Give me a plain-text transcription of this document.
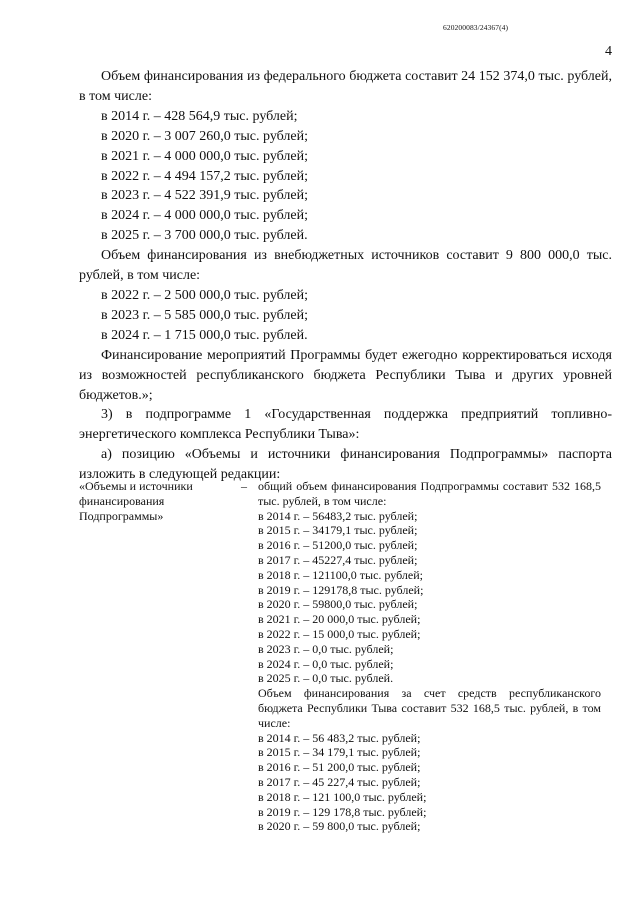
620200083/24367(4)
4

Объем финансирования из федерального бюджета составит 24 152 374,0 тыс. рублей, в том числе:

в 2014 г. – 428 564,9 тыс. рублей;

в 2020 г. – 3 007 260,0 тыс. рублей;

в 2021 г. – 4 000 000,0 тыс. рублей;

в 2022 г. – 4 494 157,2 тыс. рублей;

в 2023 г. – 4 522 391,9 тыс. рублей;

в 2024 г. – 4 000 000,0 тыс. рублей;

в 2025 г. – 3 700 000,0 тыс. рублей.

Объем финансирования из внебюджетных источников составит 9 800 000,0 тыс. рублей, в том числе:

в 2022 г. – 2 500 000,0 тыс. рублей;

в 2023 г. – 5 585 000,0 тыс. рублей;

в 2024 г. – 1 715 000,0 тыс. рублей.

Финансирование мероприятий Программы будет ежегодно корректироваться исходя из возможностей республиканского бюджета Республики Тыва и других уровней бюджетов.»;

3) в подпрограмме 1 «Государственная поддержка предприятий топливно-энергетического комплекса Республики Тыва»:

а) позицию «Объемы и источники финансирования Подпрограммы» паспорта изложить в следующей редакции:

«Объемы и источники финансирования Подпрограммы»
– общий объем финансирования Подпрограммы составит 532 168,5 тыс. рублей, в том числе:

в 2014 г. – 56483,2 тыс. рублей;

в 2015 г. – 34179,1 тыс. рублей;

в 2016 г. – 51200,0 тыс. рублей;

в 2017 г. – 45227,4 тыс. рублей;

в 2018 г. – 121100,0 тыс. рублей;

в 2019 г. – 129178,8 тыс. рублей;

в 2020 г. – 59800,0 тыс. рублей;

в 2021 г. – 20 000,0 тыс. рублей;

в 2022 г. – 15 000,0 тыс. рублей;

в 2023 г. – 0,0 тыс. рублей;

в 2024 г. – 0,0 тыс. рублей;

в 2025 г. – 0,0 тыс. рублей.

Объем финансирования за счет средств республиканского бюджета Республики Тыва составит 532 168,5 тыс. рублей, в том числе:

в 2014 г. – 56 483,2 тыс. рублей;

в 2015 г. – 34 179,1 тыс. рублей;

в 2016 г. – 51 200,0 тыс. рублей;

в 2017 г. – 45 227,4 тыс. рублей;

в 2018 г. – 121 100,0 тыс. рублей;

в 2019 г. – 129 178,8 тыс. рублей;

в 2020 г. – 59 800,0 тыс. рублей;
